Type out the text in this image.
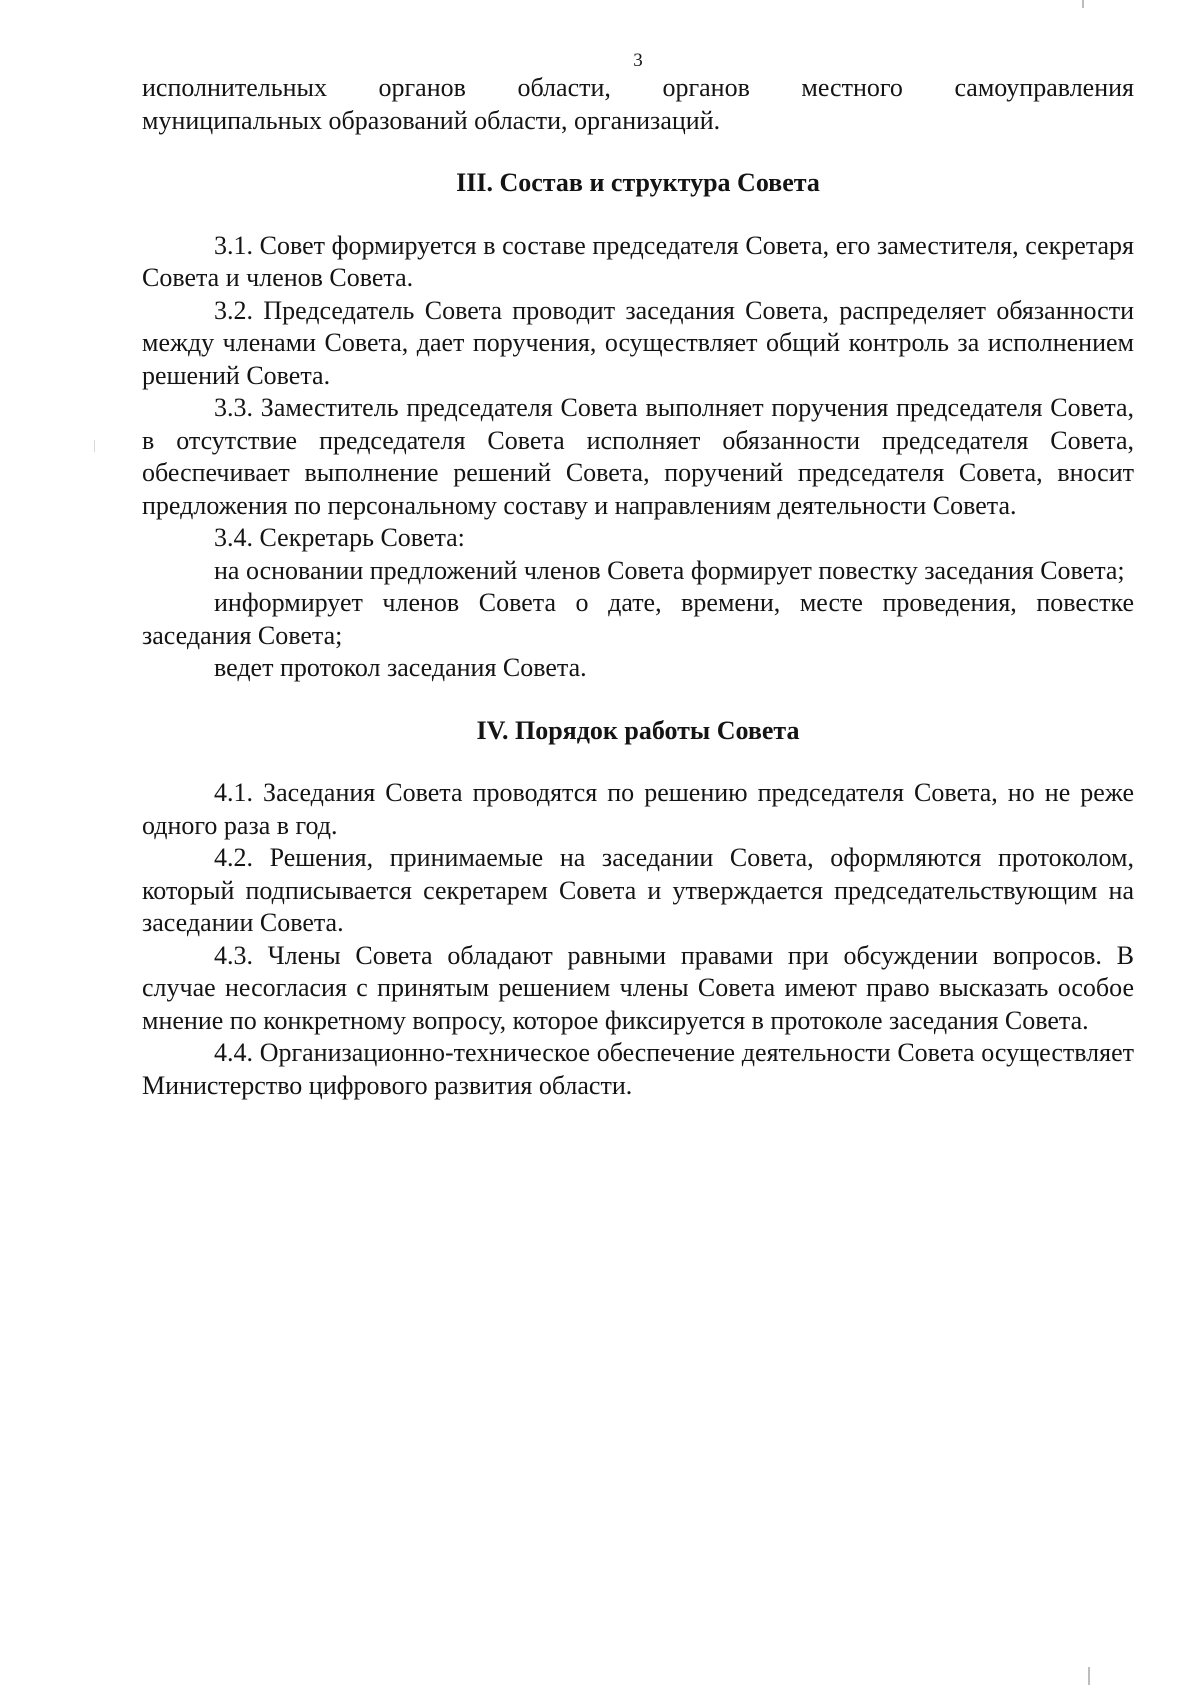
3

исполнительных органов области, органов местного самоуправления

муниципальных образований области, организаций.

III. Состав и структура Совета

3.1. Совет формируется в составе председателя Совета, его заместителя, секретаря Совета и членов Совета.

3.2. Председатель Совета проводит заседания Совета, распределяет обязанности между членами Совета, дает поручения, осуществляет общий контроль за исполнением решений Совета.

3.3. Заместитель председателя Совета выполняет поручения председателя Совета, в отсутствие председателя Совета исполняет обязанности председателя Совета, обеспечивает выполнение решений Совета, поручений председателя Совета, вносит предложения по персональному составу и направлениям деятельности Совета.

3.4. Секретарь Совета:

на основании предложений членов Совета формирует повестку заседания Совета;

информирует членов Совета о дате, времени, месте проведения, повестке заседания Совета;

ведет протокол заседания Совета.

IV. Порядок работы Совета

4.1. Заседания Совета проводятся по решению председателя Совета, но не реже одного раза в год.

4.2. Решения, принимаемые на заседании Совета, оформляются протоколом, который подписывается секретарем Совета и утверждается председательствующим на заседании Совета.

4.3. Члены Совета обладают равными правами при обсуждении вопросов. В случае несогласия с принятым решением члены Совета имеют право высказать особое мнение по конкретному вопросу, которое фиксируется в протоколе заседания Совета.

4.4. Организационно-техническое обеспечение деятельности Совета осуществляет Министерство цифрового развития области.
